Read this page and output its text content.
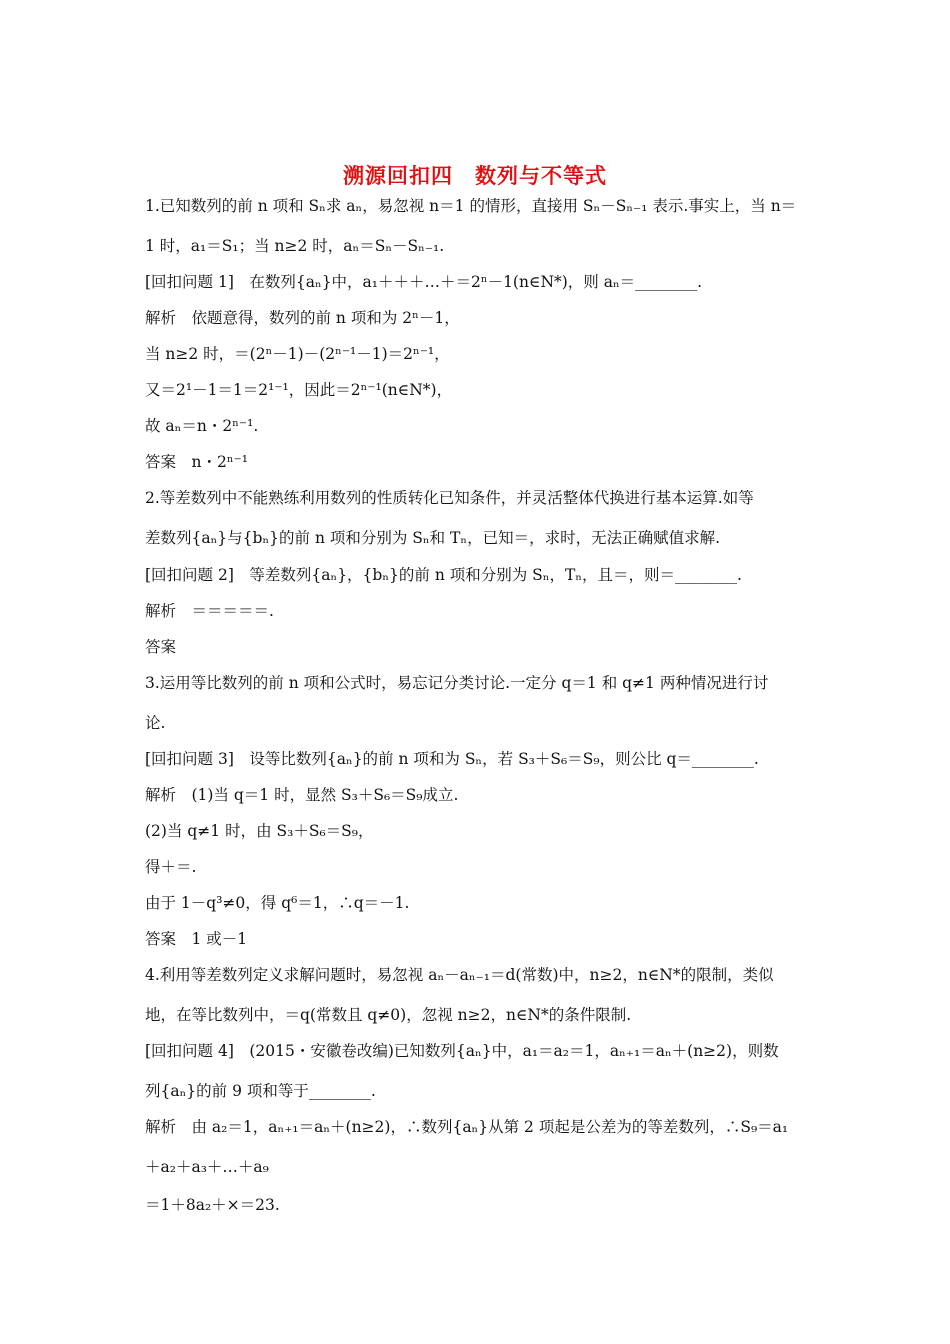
溯源回扣四　数列与不等式
1.已知数列的前 n 项和 Sₙ求 aₙ，易忽视 n＝1 的情形，直接用 Sₙ－Sₙ₋₁ 表示.事实上，当 n＝
1 时，a₁＝S₁；当 n≥2 时，aₙ＝Sₙ－Sₙ₋₁.
[回扣问题 1]　在数列{aₙ}中，a₁＋＋＋…＋＝2ⁿ－1(n∈N*)，则 aₙ＝________.
解析　依题意得，数列的前 n 项和为 2ⁿ－1，
当 n≥2 时，＝(2ⁿ－1)－(2ⁿ⁻¹－1)＝2ⁿ⁻¹，
又＝2¹－1＝1＝2¹⁻¹，因此＝2ⁿ⁻¹(n∈N*)，
故 aₙ＝n・2ⁿ⁻¹.
答案　n・2ⁿ⁻¹
2.等差数列中不能熟练利用数列的性质转化已知条件，并灵活整体代换进行基本运算.如等
差数列{aₙ}与{bₙ}的前 n 项和分别为 Sₙ和 Tₙ，已知＝，求时，无法正确赋值求解.
[回扣问题 2]　等差数列{aₙ}，{bₙ}的前 n 项和分别为 Sₙ，Tₙ，且＝，则＝________.
解析　＝＝＝＝＝.
答案
3.运用等比数列的前 n 项和公式时，易忘记分类讨论.一定分 q＝1 和 q≠1 两种情况进行讨
论.
[回扣问题 3]　设等比数列{aₙ}的前 n 项和为 Sₙ，若 S₃＋S₆＝S₉，则公比 q＝________.
解析　(1)当 q＝1 时，显然 S₃＋S₆＝S₉成立.
(2)当 q≠1 时，由 S₃＋S₆＝S₉，
得＋＝.
由于 1－q³≠0，得 q⁶＝1，∴q＝－1.
答案　1 或－1
4.利用等差数列定义求解问题时，易忽视 aₙ－aₙ₋₁＝d(常数)中，n≥2，n∈N*的限制，类似
地，在等比数列中，＝q(常数且 q≠0)，忽视 n≥2，n∈N*的条件限制.
[回扣问题 4]　(2015・安徽卷改编)已知数列{aₙ}中，a₁＝a₂＝1，aₙ₊₁＝aₙ＋(n≥2)，则数
列{aₙ}的前 9 项和等于________.
解析　由 a₂＝1，aₙ₊₁＝aₙ＋(n≥2)，∴数列{aₙ}从第 2 项起是公差为的等差数列，∴S₉＝a₁
＋a₂＋a₃＋…＋a₉
＝1＋8a₂＋×＝23.
